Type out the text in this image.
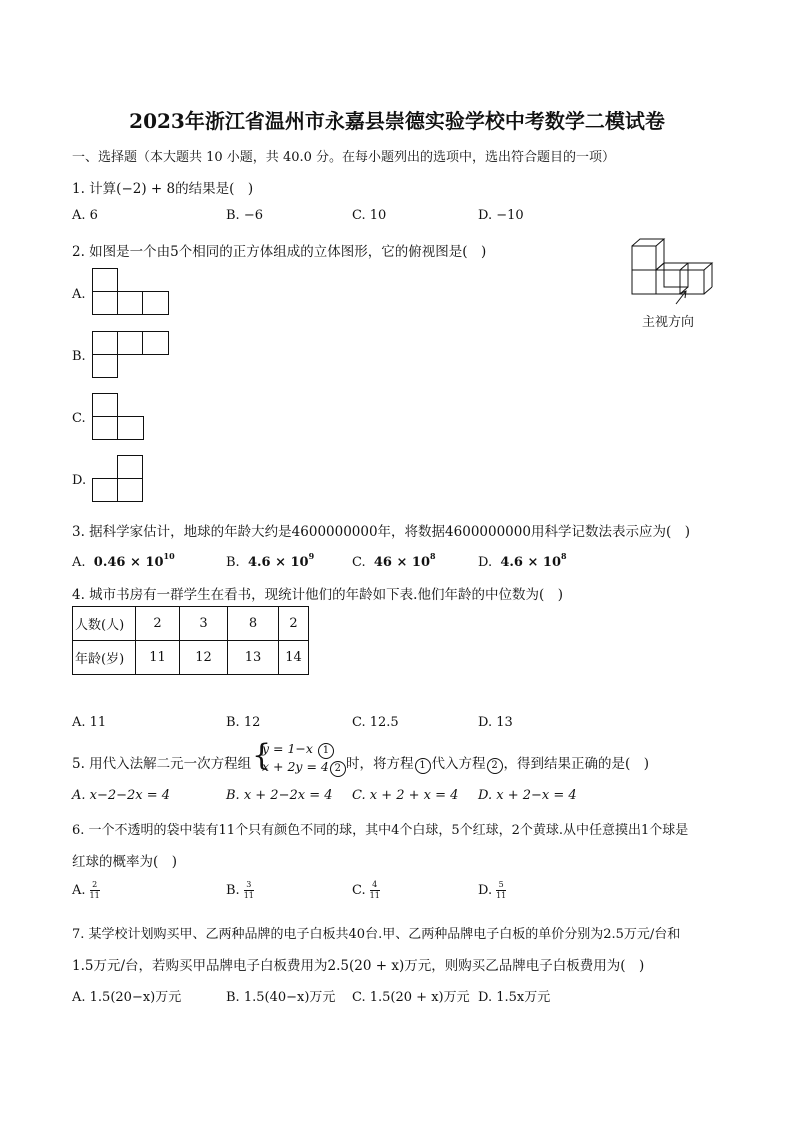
2023年浙江省温州市永嘉县崇德实验学校中考数学二模试卷
一、选择题（本大题共 10 小题，共 40.0 分。在每小题列出的选项中，选出符合题目的一项）
1. 计算(−2) + 8的结果是(　)
A. 6	B. −6	C. 10	D. −10
2. 如图是一个由5个相同的正方体组成的立体图形，它的俯视图是(　)
主视方向
A.
B.
C.
D.
3. 据科学家估计，地球的年龄大约是4600000000年，将数据4600000000用科学记数法表示应为(　)
A. $0.46 \times 10^{10}$	B. $4.6 \times 10^9$	C. $46 \times 10^8$	D. $4.6 \times 10^8$
4. 城市书房有一群学生在看书，现统计他们的年龄如下表.他们年龄的中位数为(　)
人数(人)	2	3	8	2
年龄(岁)	11	12	13	14
A. 11	B. 12	C. 12.5	D. 13
5. 用代入法解二元一次方程组 {
y = 1−x 1
x + 2y = 4 2 时，将方程 1 代入方程 2 ，得到结果正确的是(　)
A. x−2−2x = 4	B. x + 2−2x = 4 C. x + 2 + x = 4 D. x + 2−x = 4
6. 一个不透明的袋中装有11个只有颜色不同的球，其中4个白球，5个红球，2个黄球.从中任意摸出1个球是
红球的概率为(　)
A. $\frac{2}{11}$	B. $\frac{3}{11}$	C. $\frac{4}{11}$	D. $\frac{5}{11}$
7. 某学校计划购买甲、乙两种品牌的电子白板共40台.甲、乙两种品牌电子白板的单价分别为2.5万元/台和
1.5万元/台，若购买甲品牌电子白板费用为2.5(20 + x)万元，则购买乙品牌电子白板费用为(　)
A. 1.5(20−x)万元	B. 1.5(40−x)万元 C. 1.5(20 + x)万元 D. 1.5x万元
